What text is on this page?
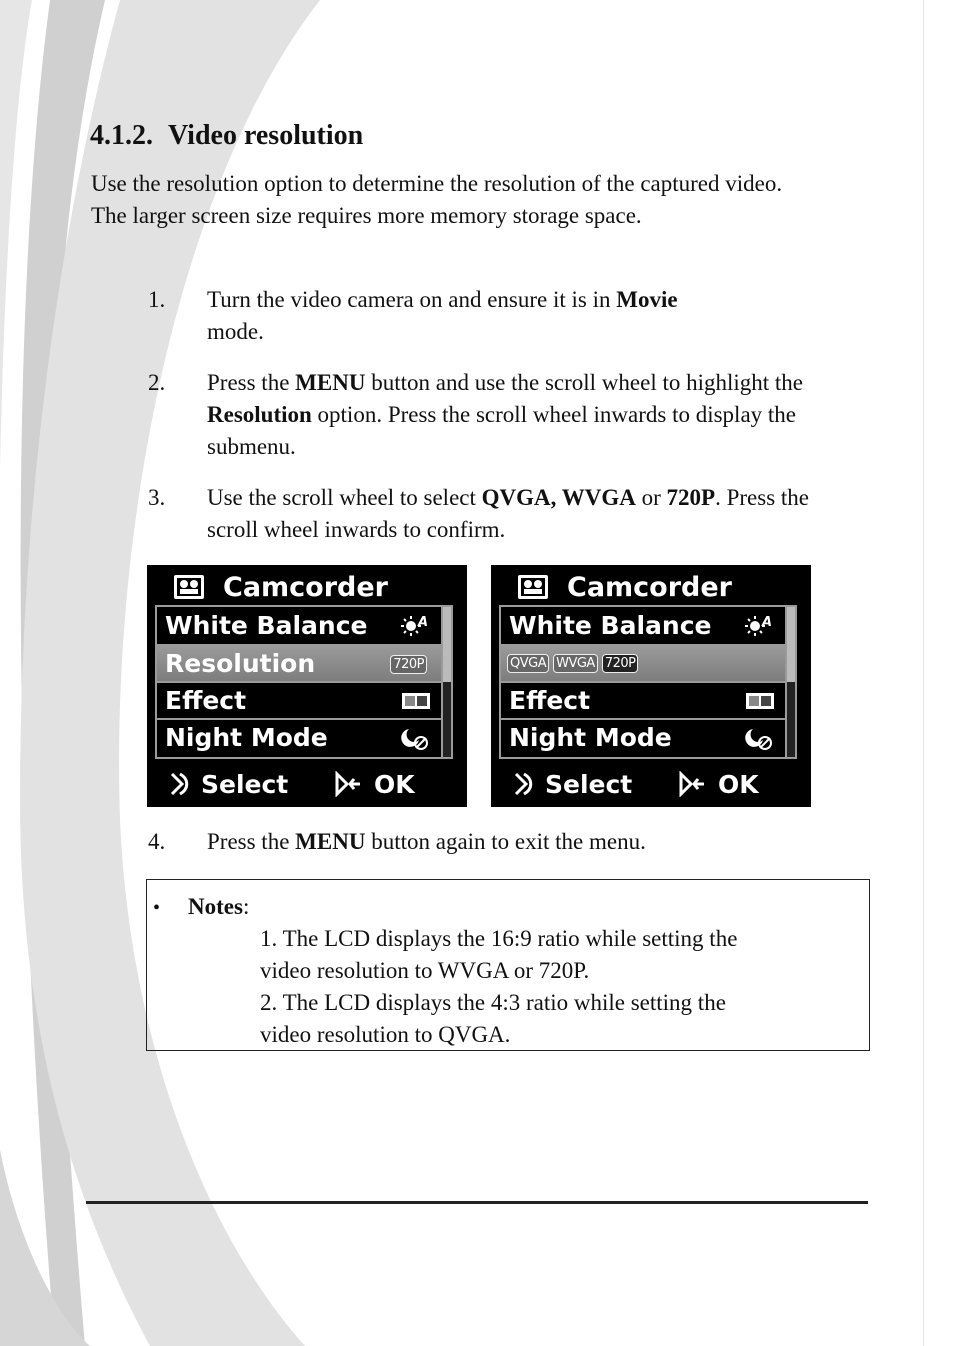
4.1.2. Video resolution

Use the resolution option to determine the resolution of the captured video. The larger screen size requires more memory storage space.

1. Turn the video camera on and ensure it is in Movie
mode.
2. Press the MENU button and use the scroll wheel to highlight the Resolution option. Press the scroll wheel inwards to display the submenu.
3. Use the scroll wheel to select QVGA, WVGA or 720P. Press the scroll wheel inwards to confirm.
Camcorder
White Balance	A
Resolution	720P
Effect
Night Mode
Select	OK
Camcorder
White Balance	A
QVGA WVGA 720P
Effect
Night Mode
Select	OK
4. Press the MENU button again to exit the menu.
• Notes:
1. The LCD displays the 16:9 ratio while setting the
video resolution to WVGA or 720P.
2. The LCD displays the 4:3 ratio while setting the
video resolution to QVGA.
